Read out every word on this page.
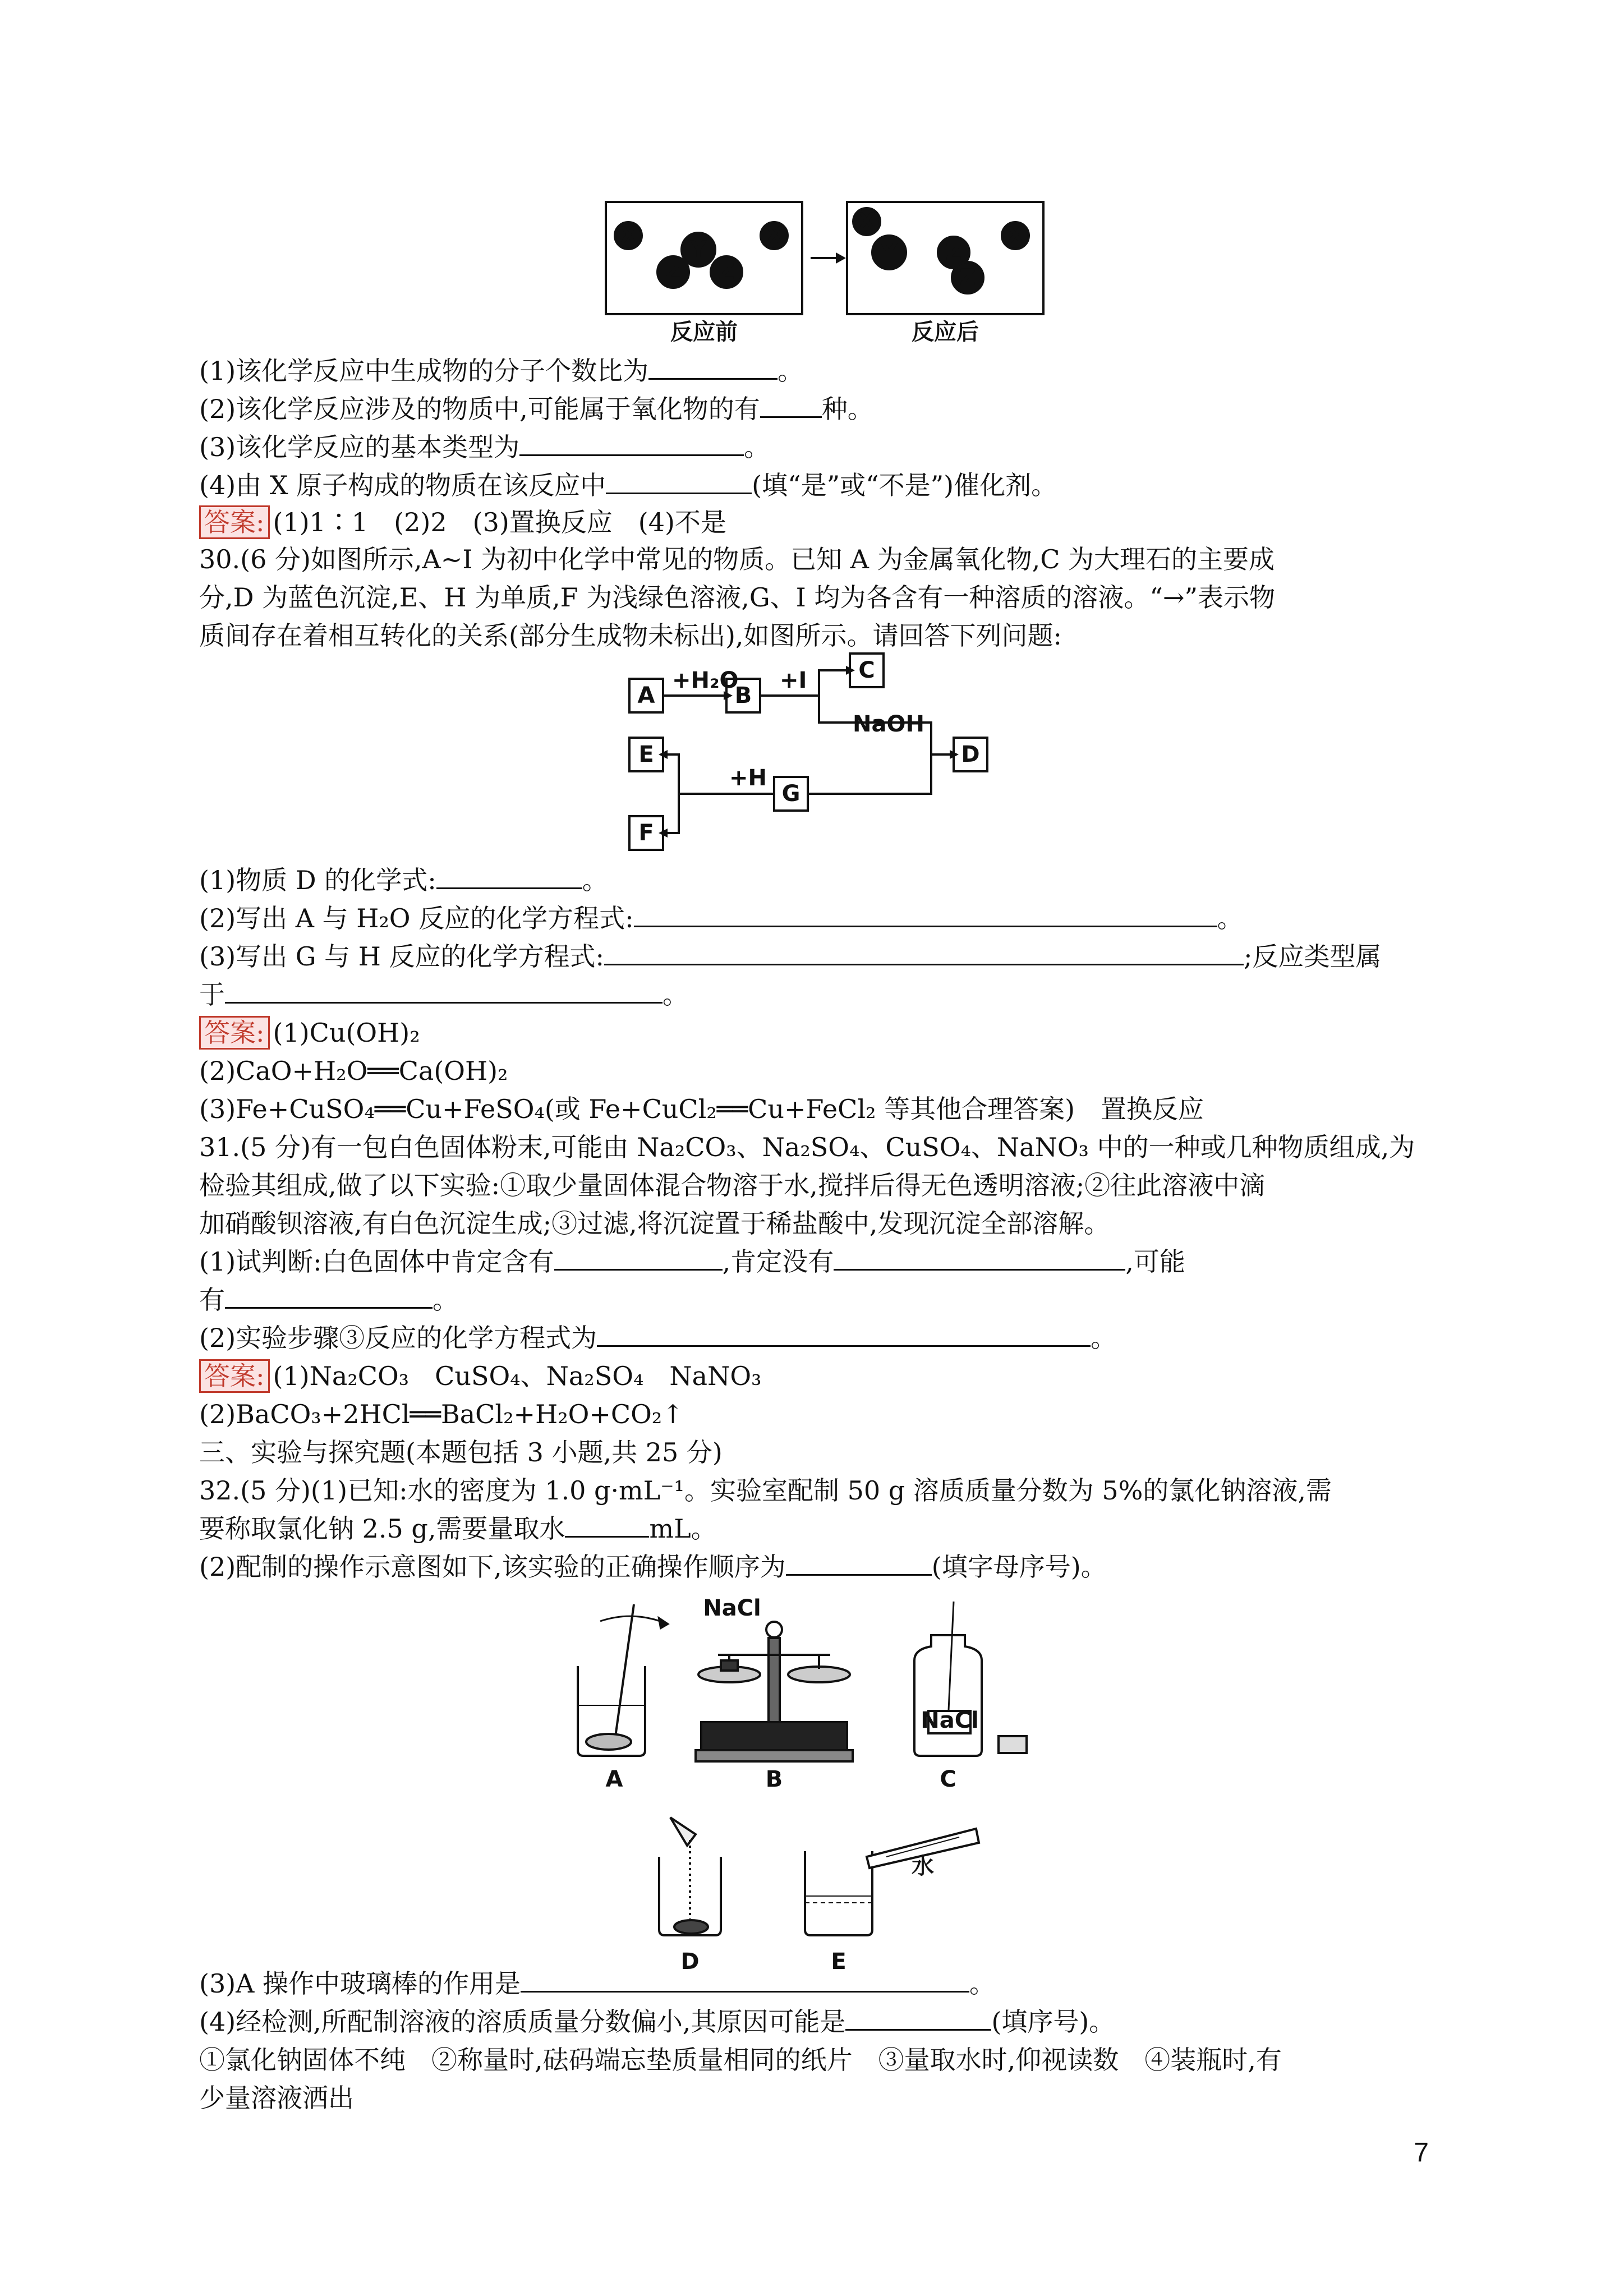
X
Y
Z Z
X
X
Y Z
Z
X
反应前	反应后
(1)该化学反应中生成物的分子个数比为	。
(2)该化学反应涉及的物质中,可能属于氧化物的有 种。
(3)该化学反应的基本类型为	。
(4)由 X 原子构成的物质在该反应中	(填“是”或“不是”)催化剂。
答案: (1)1∶1　(2)2　(3)置换反应　(4)不是
30.(6 分)如图所示,A~I 为初中化学中常见的物质。已知 A 为金属氧化物,C 为大理石的主要成
分,D 为蓝色沉淀,E、H 为单质,F 为浅绿色溶液,G、I 均为各含有一种溶质的溶液。“→”表示物
质间存在着相互转化的关系(部分生成物未标出),如图所示。请回答下列问题:
A	B
C
D
E
F
G
+H₂O +I
NaOH
+H
(1)物质 D 的化学式:	。
(2)写出 A 与 H₂O 反应的化学方程式:	。
(3)写出 G 与 H 反应的化学方程式:	;反应类型属
于	。
答案: (1)Cu(OH)₂
(2)CaO+H₂O══Ca(OH)₂
(3)Fe+CuSO₄══Cu+FeSO₄(或 Fe+CuCl₂══Cu+FeCl₂ 等其他合理答案)　置换反应
31.(5 分)有一包白色固体粉末,可能由 Na₂CO₃、Na₂SO₄、CuSO₄、NaNO₃ 中的一种或几种物质组成,为
检验其组成,做了以下实验:①取少量固体混合物溶于水,搅拌后得无色透明溶液;②往此溶液中滴
加硝酸钡溶液,有白色沉淀生成;③过滤,将沉淀置于稀盐酸中,发现沉淀全部溶解。
(1)试判断:白色固体中肯定含有	,肯定没有	,可能
有	。
(2)实验步骤③反应的化学方程式为	。
答案: (1)Na₂CO₃　CuSO₄、Na₂SO₄　NaNO₃
(2)BaCO₃+2HCl══BaCl₂+H₂O+CO₂↑
三、实验与探究题(本题包括 3 小题,共 25 分)
32.(5 分)(1)已知:水的密度为 1.0 g·mL⁻¹。实验室配制 50 g 溶质质量分数为 5%的氯化钠溶液,需
要称取氯化钠 2.5 g,需要量取水	mL。
(2)配制的操作示意图如下,该实验的正确操作顺序为	(填字母序号)。
A
NaCl
B
NaCl
C
D
水
E
(3)A 操作中玻璃棒的作用是	。
(4)经检测,所配制溶液的溶质质量分数偏小,其原因可能是	(填序号)。
①氯化钠固体不纯　②称量时,砝码端忘垫质量相同的纸片　③量取水时,仰视读数　④装瓶时,有
少量溶液洒出
7
